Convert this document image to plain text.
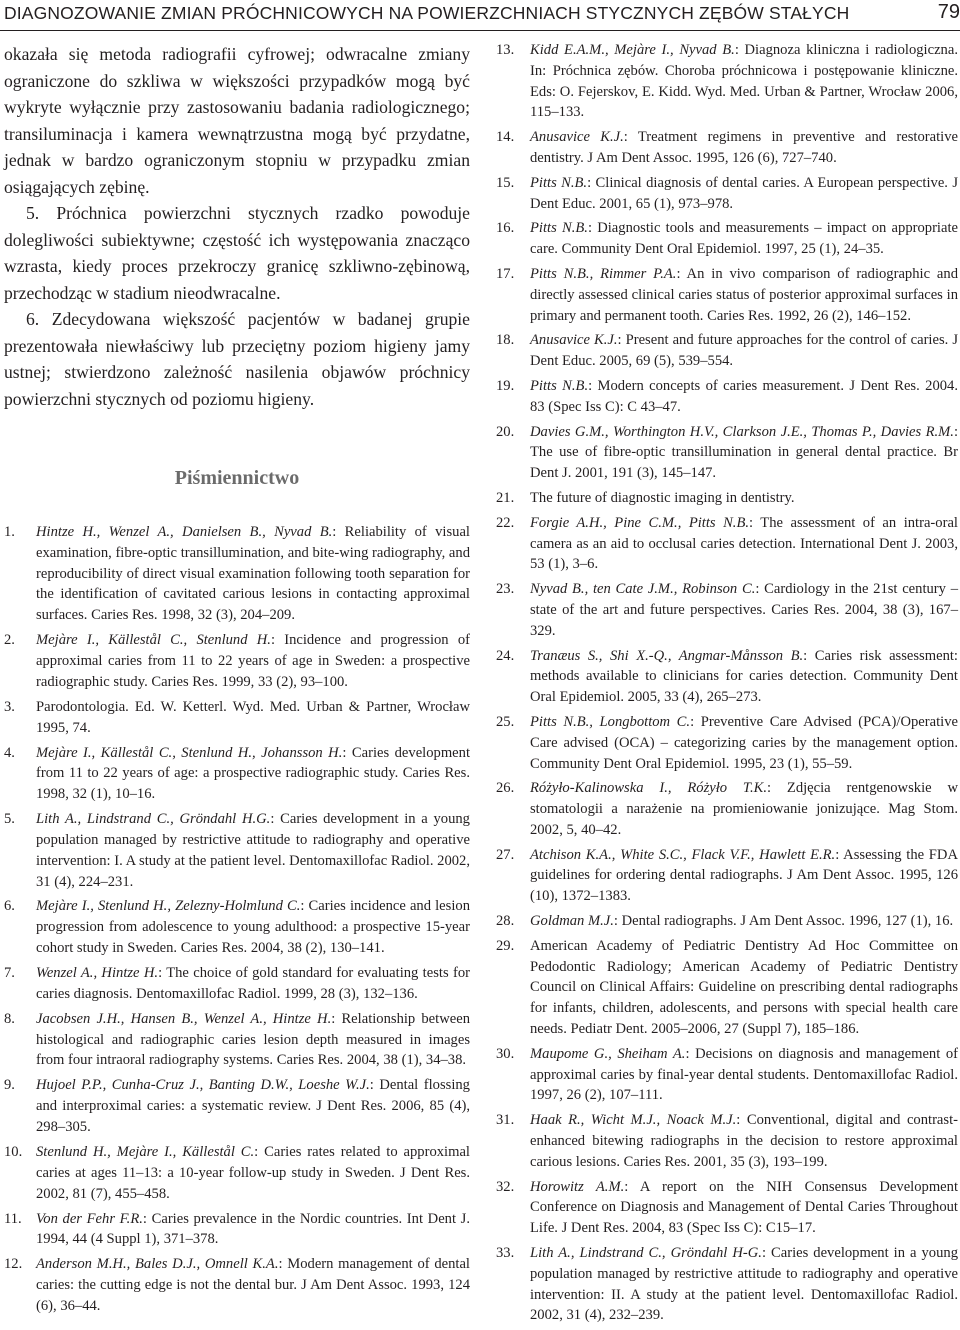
DIAGNOZOWANIE ZMIAN PRÓCHNICOWYCH NA POWIERZCHNIACH STYCZNYCH ZĘBÓW STAŁYCH	79

okazała się metoda radiografii cyfrowej; odwracalne zmiany ograniczone do szkliwa w większości przypadków mogą być wykryte wyłącznie przy zastosowaniu badania radiologicznego; transiluminacja i kamera wewnątrzustna mogą być przydatne, jednak w bardzo ograniczonym stopniu w przypadku zmian osiągających zębinę.

5. Próchnica powierzchni stycznych rzadko powoduje dolegliwości subiektywne; częstość ich występowania znacząco wzrasta, kiedy proces przekroczy granicę szkliwno-zębinową, przechodząc w stadium nieodwracalne.

6. Zdecydowana większość pacjentów w badanej grupie prezentowała niewłaściwy lub przeciętny poziom higieny jamy ustnej; stwierdzono zależność nasilenia objawów próchnicy powierzchni stycznych od poziomu higieny.

Piśmiennictwo
1.	Hintze H., Wenzel A., Danielsen B., Nyvad B.: Reliability of visual examination, fibre-optic transillumination, and bite-wing radiography, and reproducibility of direct visual examination following tooth separation for the identification of cavitated carious lesions in contacting approximal surfaces. Caries Res. 1998, 32 (3), 204–209.
2.	Mejàre I., Källestål C., Stenlund H.: Incidence and progression of approximal caries from 11 to 22 years of age in Sweden: a prospective radiographic study. Caries Res. 1999, 33 (2), 93–100.
3.	Parodontologia. Ed. W. Ketterl. Wyd. Med. Urban & Partner, Wrocław 1995, 74.
4.	Mejàre I., Källestål C., Stenlund H., Johansson H.: Caries development from 11 to 22 years of age: a prospective radiographic study. Caries Res. 1998, 32 (1), 10–16.
5.	Lith A., Lindstrand C., Gröndahl H.G.: Caries development in a young population managed by restrictive attitude to radiography and operative intervention: I. A study at the patient level. Dentomaxillofac Radiol. 2002, 31 (4), 224–231.
6.	Mejàre I., Stenlund H., Zelezny-Holmlund C.: Caries incidence and lesion progression from adolescence to young adulthood: a prospective 15-year cohort study in Sweden. Caries Res. 2004, 38 (2), 130–141.
7.	Wenzel A., Hintze H.: The choice of gold standard for evaluating tests for caries diagnosis. Dentomaxillofac Radiol. 1999, 28 (3), 132–136.
8.	Jacobsen J.H., Hansen B., Wenzel A., Hintze H.: Relationship between histological and radiographic caries lesion depth measured in images from four intraoral radiography systems. Caries Res. 2004, 38 (1), 34–38.
9.	Hujoel P.P., Cunha-Cruz J., Banting D.W., Loeshe W.J.: Dental flossing and interproximal caries: a systematic review. J Dent Res. 2006, 85 (4), 298–305.
10. Stenlund H., Mejàre I., Källestål C.: Caries rates related to approximal caries at ages 11–13: a 10-year follow-up study in Sweden. J Dent Res. 2002, 81 (7), 455–458.
11. Von der Fehr F.R.: Caries prevalence in the Nordic countries. Int Dent J. 1994, 44 (4 Suppl 1), 371–378.
12. Anderson M.H., Bales D.J., Omnell K.A.: Modern management of dental caries: the cutting edge is not the dental bur. J Am Dent Assoc. 1993, 124 (6), 36–44.
13.	Kidd E.A.M., Mejàre I., Nyvad B.: Diagnoza kliniczna i radiologiczna. In: Próchnica zębów. Choroba próchnicowa i postępowanie kliniczne. Eds: O. Fejerskov, E. Kidd. Wyd. Med. Urban & Partner, Wrocław 2006, 115–133.
14.	Anusavice K.J.: Treatment regimens in preventive and restorative dentistry. J Am Dent Assoc. 1995, 126 (6), 727–740.
15.	Pitts N.B.: Clinical diagnosis of dental caries. A European perspective. J Dent Educ. 2001, 65 (1), 973–978.
16.	Pitts N.B.: Diagnostic tools and measurements – impact on appropriate care. Community Dent Oral Epidemiol. 1997, 25 (1), 24–35.
17.	Pitts N.B., Rimmer P.A.: An in vivo comparison of radiographic and directly assessed clinical caries status of posterior approximal surfaces in primary and permanent tooth. Caries Res. 1992, 26 (2), 146–152.
18.	Anusavice K.J.: Present and future approaches for the control of caries. J Dent Educ. 2005, 69 (5), 539–554.
19.	Pitts N.B.: Modern concepts of caries measurement. J Dent Res. 2004. 83 (Spec Iss C): C 43–47.
20.	Davies G.M., Worthington H.V., Clarkson J.E., Thomas P., Davies R.M.: The use of fibre-optic transillumination in general dental practice. Br Dent J. 2001, 191 (3), 145–147.
21.	The future of diagnostic imaging in dentistry.
22.	Forgie A.H., Pine C.M., Pitts N.B.: The assessment of an intra-oral camera as an aid to occlusal caries detection. International Dent J. 2003, 53 (1), 3–6.
23.	Nyvad B., ten Cate J.M., Robinson C.: Cardiology in the 21st century – state of the art and future perspectives. Caries Res. 2004, 38 (3), 167–329.
24.	Tranæus S., Shi X.-Q., Angmar-Månsson B.: Caries risk assessment: methods available to clinicians for caries detection. Community Dent Oral Epidemiol. 2005, 33 (4), 265–273.
25.	Pitts N.B., Longbottom C.: Preventive Care Advised (PCA)/Operative Care advised (OCA) – categorizing caries by the management option. Community Dent Oral Epidemiol. 1995, 23 (1), 55–59.
26.	Różyło-Kalinowska I., Różyło T.K.: Zdjęcia rentgenowskie w stomatologii a narażenie na promieniowanie jonizujące. Mag Stom. 2002, 5, 40–42.
27.	Atchison K.A., White S.C., Flack V.F., Hawlett E.R.: Assessing the FDA guidelines for ordering dental radiographs. J Am Dent Assoc. 1995, 126 (10), 1372–1383.
28.	Goldman M.J.: Dental radiographs. J Am Dent Assoc. 1996, 127 (1), 16.
29.	American Academy of Pediatric Dentistry Ad Hoc Committee on Pedodontic Radiology; American Academy of Pediatric Dentistry Council on Clinical Affairs: Guideline on prescribing dental radiographs for infants, children, adolescents, and persons with special health care needs. Pediatr Dent. 2005–2006, 27 (Suppl 7), 185–186.
30.	Maupome G., Sheiham A.: Decisions on diagnosis and management of approximal caries by final-year dental students. Dentomaxillofac Radiol. 1997, 26 (2), 107–111.
31.	Haak R., Wicht M.J., Noack M.J.: Conventional, digital and contrast-enhanced bitewing radiographs in the decision to restore approximal carious lesions. Caries Res. 2001, 35 (3), 193–199.
32.	Horowitz A.M.: A report on the NIH Consensus Development Conference on Diagnosis and Management of Dental Caries Throughout Life. J Dent Res. 2004, 83 (Spec Iss C): C15–17.
33.	Lith A., Lindstrand C., Gröndahl H-G.: Caries development in a young population managed by restrictive attitude to radiography and operative intervention: II. A study at the patient level. Dentomaxillofac Radiol. 2002, 31 (4), 232–239.
